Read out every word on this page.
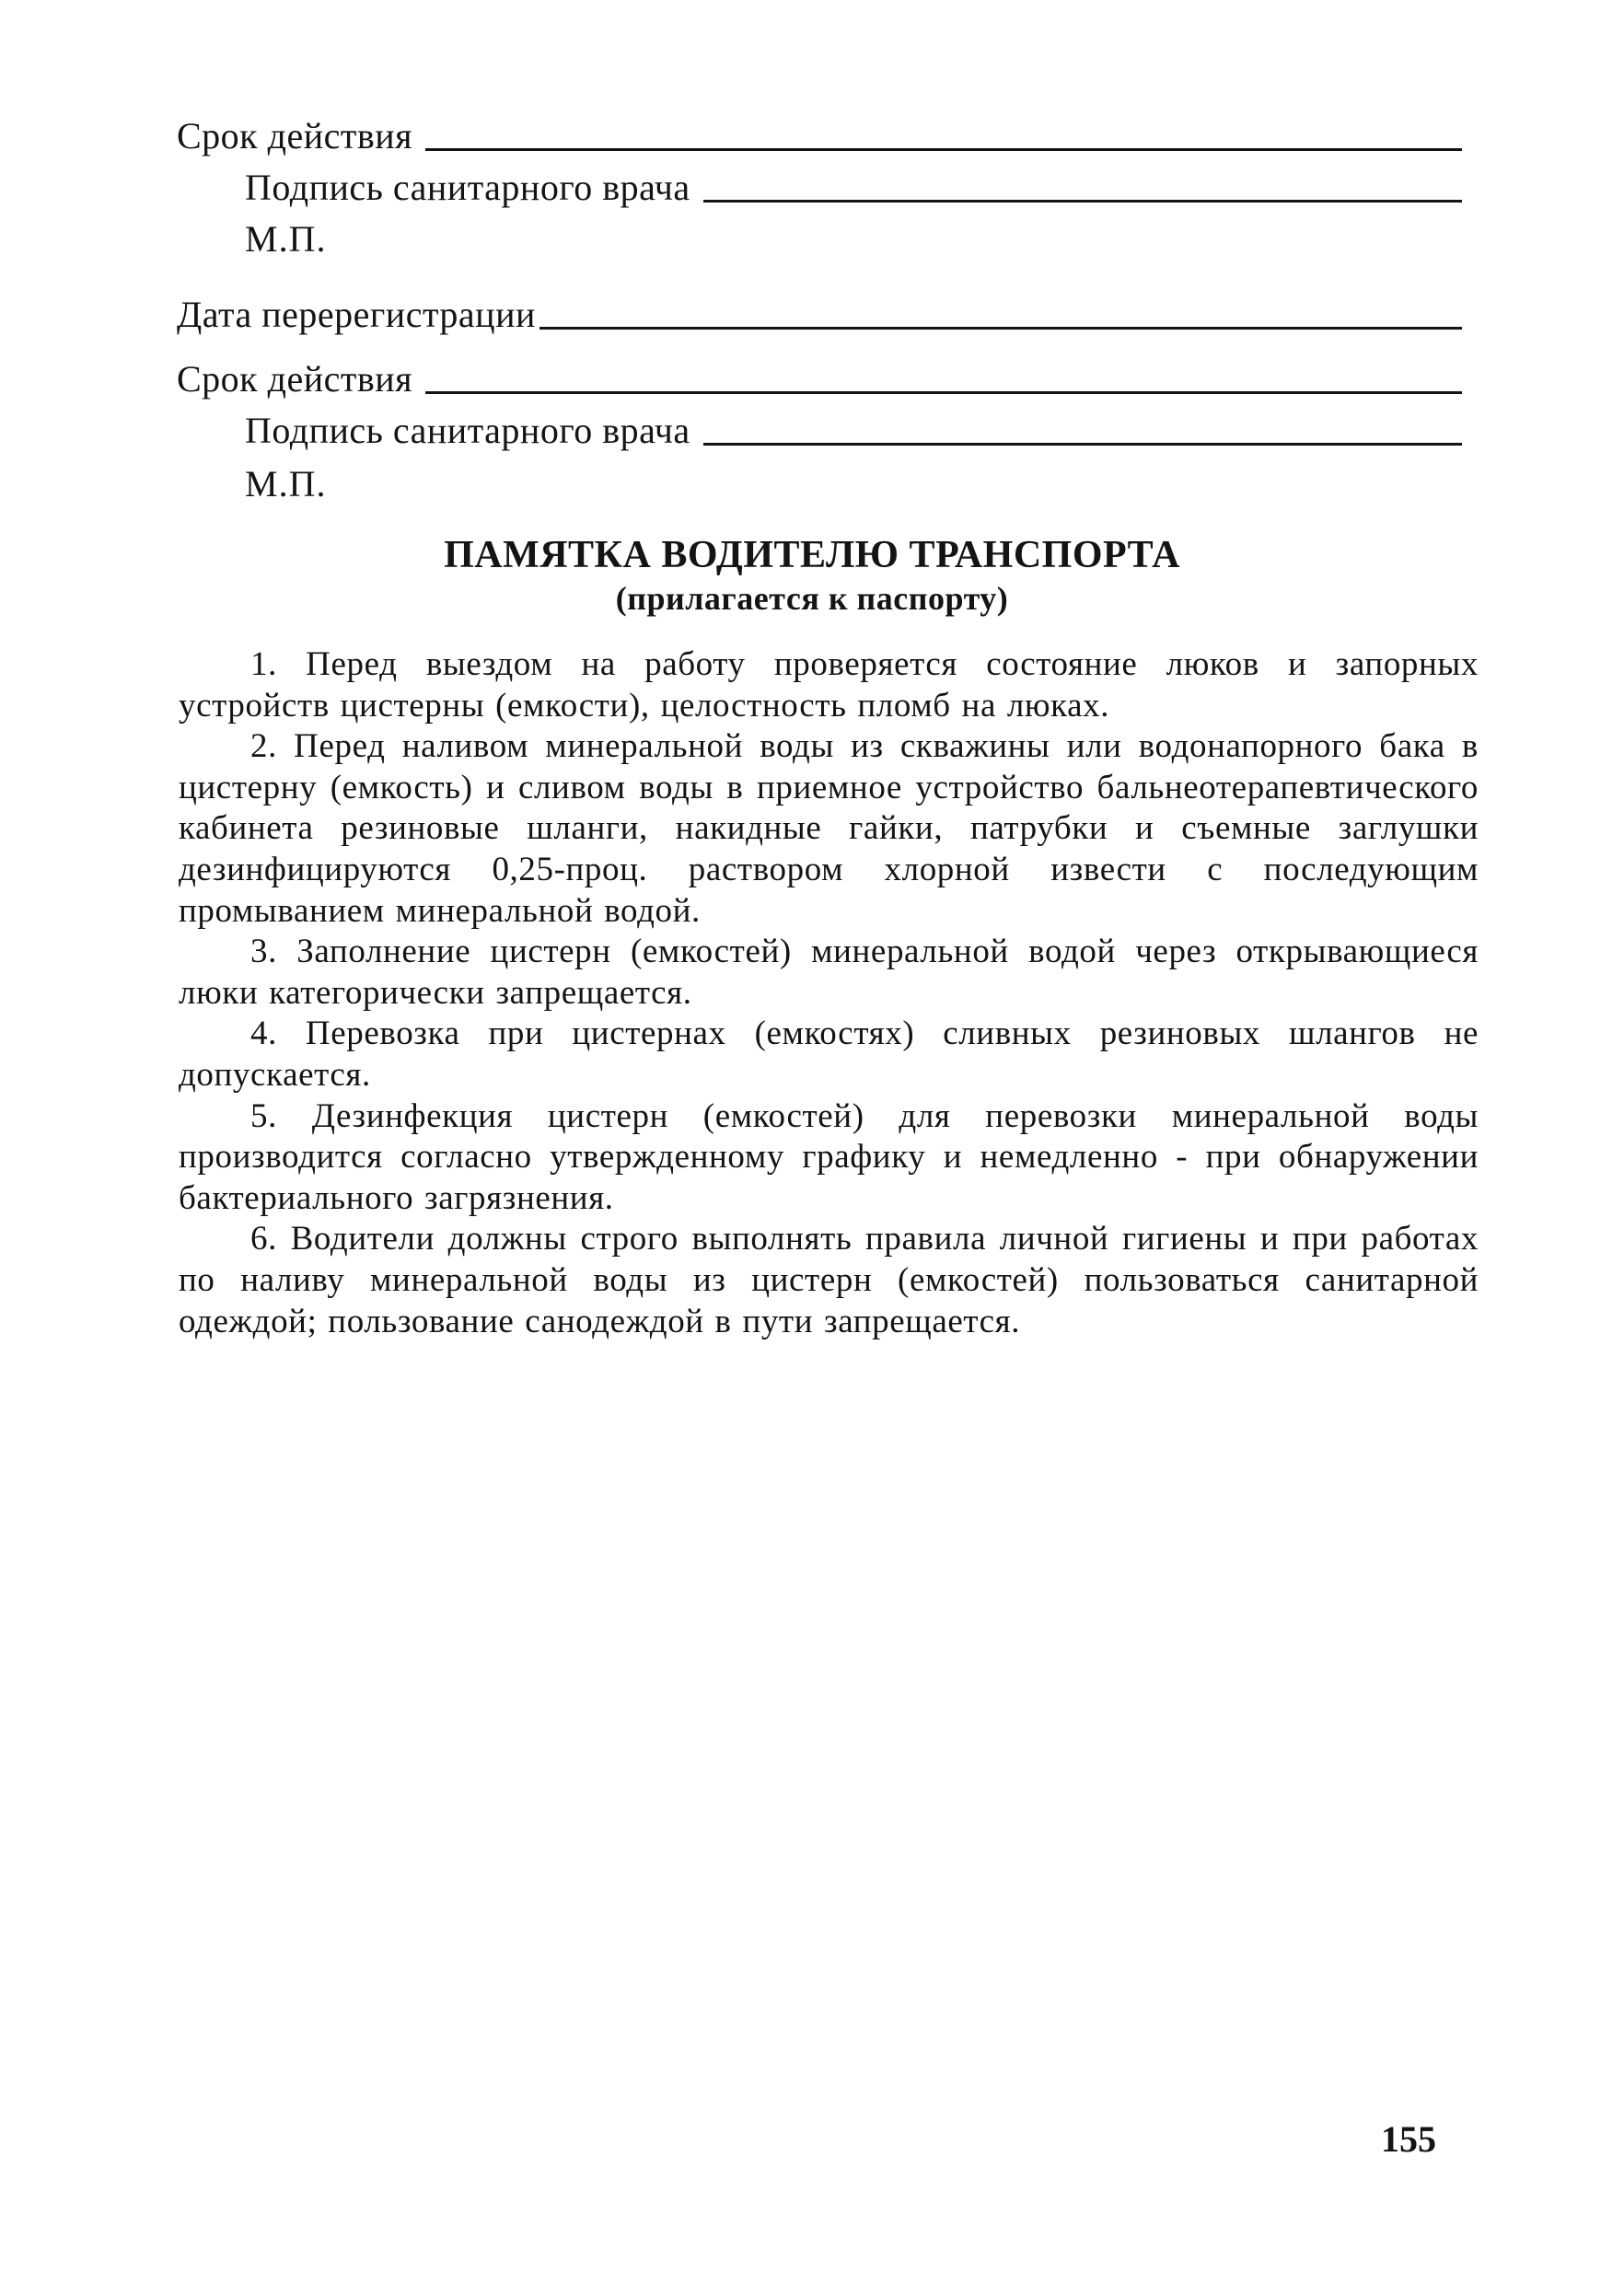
Срок действия
Подпись санитарного врача
М.П.
Дата перерегистрации
Срок действия
Подпись санитарного врача
М.П.
ПАМЯТКА ВОДИТЕЛЮ ТРАНСПОРТА
(прилагается к паспорту)

1. Перед выездом на работу проверяется состояние люков и запорных устройств цистерны (емкости), целостность пломб на люках.

2. Перед наливом минеральной воды из скважины или водонапорного бака в цистерну (емкость) и сливом воды в приемное устройство бальнеотерапевтического кабинета резиновые шланги, накидные гайки, патрубки и съемные заглушки дезинфицируются 0,25-проц. раствором хлорной извести с последующим промыванием минеральной водой.

3. Заполнение цистерн (емкостей) минеральной водой через открывающиеся люки категорически запрещается.

4. Перевозка при цистернах (емкостях) сливных резиновых шлангов не допускается.

5. Дезинфекция цистерн (емкостей) для перевозки минеральной воды производится согласно утвержденному графику и немедленно - при обнаружении бактериального загрязнения.

6. Водители должны строго выполнять правила личной гигиены и при работах по наливу минеральной воды из цистерн (емкостей) пользоваться санитарной одеждой; пользование санодеждой в пути запрещается.

155
